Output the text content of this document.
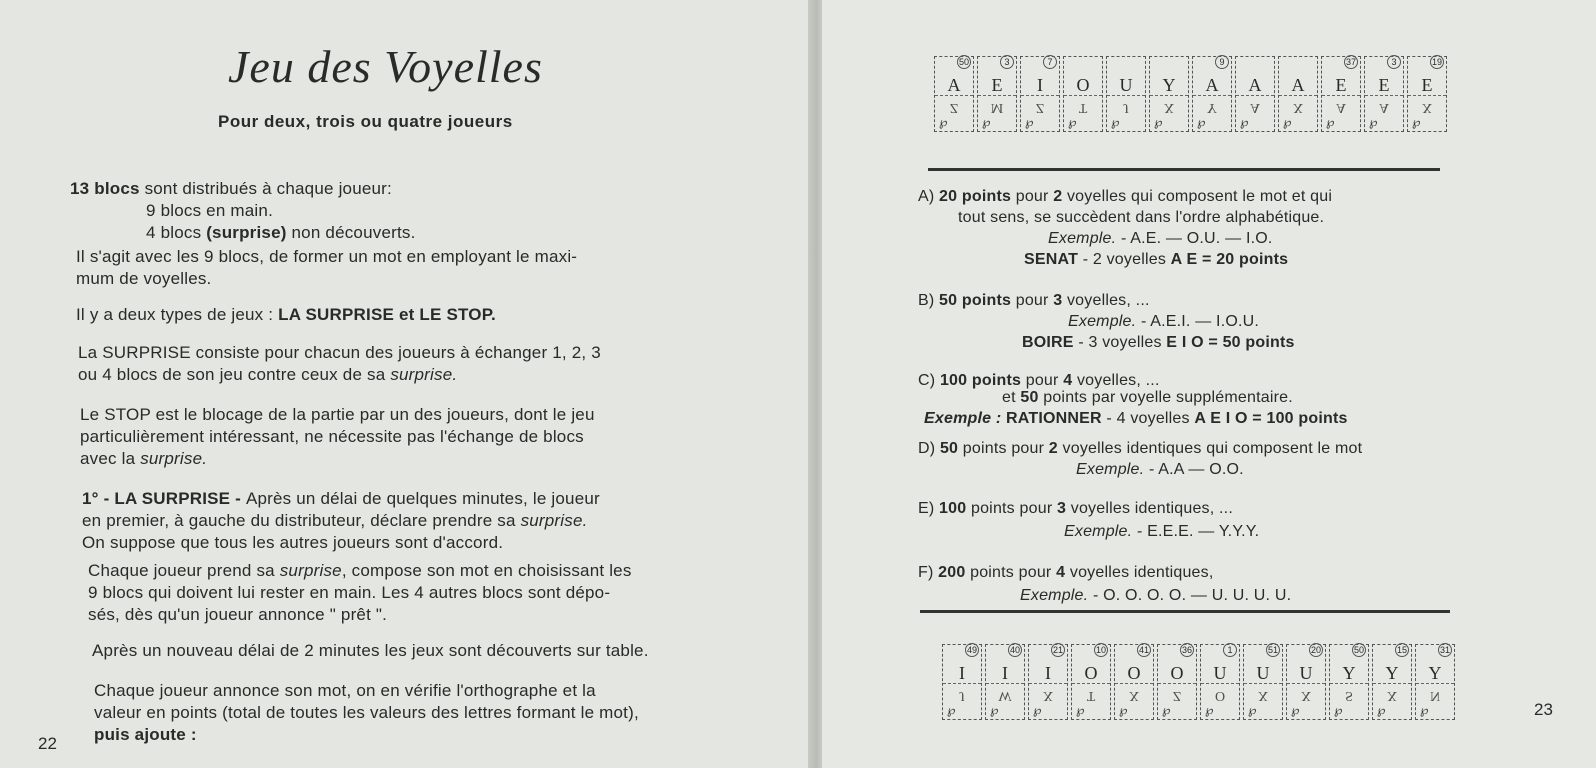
Jeu des Voyelles
Pour deux, trois ou quatre joueurs
13 blocs sont distribués à chaque joueur:
9 blocs en main.
4 blocs (surprise) non découverts.
Il s'agit avec les 9 blocs, de former un mot en employant le maxi-
mum de voyelles.
Il y a deux types de jeux : LA SURPRISE et LE STOP.
La SURPRISE consiste pour chacun des joueurs à échanger 1, 2, 3
ou 4 blocs de son jeu contre ceux de sa surprise.
Le STOP est le blocage de la partie par un des joueurs, dont le jeu
particulièrement intéressant, ne nécessite pas l'échange de blocs
avec la surprise.
1° - LA SURPRISE - Après un délai de quelques minutes, le joueur
en premier, à gauche du distributeur, déclare prendre sa surprise.
On suppose que tous les autres joueurs sont d'accord.
Chaque joueur prend sa surprise, compose son mot en choisissant les
9 blocs qui doivent lui rester en main. Les 4 autres blocs sont dépo-
sés, dès qu'un joueur annonce " prêt ".
Après un nouveau délai de 2 minutes les jeux sont découverts sur table.
Chaque joueur annonce son mot, on en vérifie l'orthographe et la
valeur en points (total de toutes les valeurs des lettres formant le mot),
puis ajoute :
22
50
A
Z
℘
3
E
M
℘
7
I
Z
℘
O
T
℘
U
J
℘
Y
X
℘
9
A
Y
℘
A
A
℘
A
X
℘
37
E
A
℘
3
E
A
℘
19
E
X
℘
A) 20 points pour 2 voyelles qui composent le mot et qui
tout sens, se succèdent dans l'ordre alphabétique.
Exemple. - A.E. — O.U. — I.O.
SENAT - 2 voyelles A E = 20 points
B) 50 points pour 3 voyelles, ...
Exemple. - A.E.I. — I.O.U.
BOIRE - 3 voyelles E I O = 50 points
C) 100 points pour 4 voyelles, ...
et 50 points par voyelle supplémentaire.
Exemple : RATIONNER - 4 voyelles A E I O = 100 points
D) 50 points pour 2 voyelles identiques qui composent le mot
Exemple. - A.A — O.O.
E) 100 points pour 3 voyelles identiques, ...
Exemple. - E.E.E. — Y.Y.Y.
F) 200 points pour 4 voyelles identiques,
Exemple. - O. O. O. O. — U. U. U. U.
49
I
J
℘
40
I
W
℘
21
I
X
℘
10
O
T
℘
41
O
X
℘
36
O
Z
℘
1
U
O
℘
51
U
X
℘
20
U
X
℘
50
Y
S
℘
15
Y
X
℘
31
Y
N
℘	23
